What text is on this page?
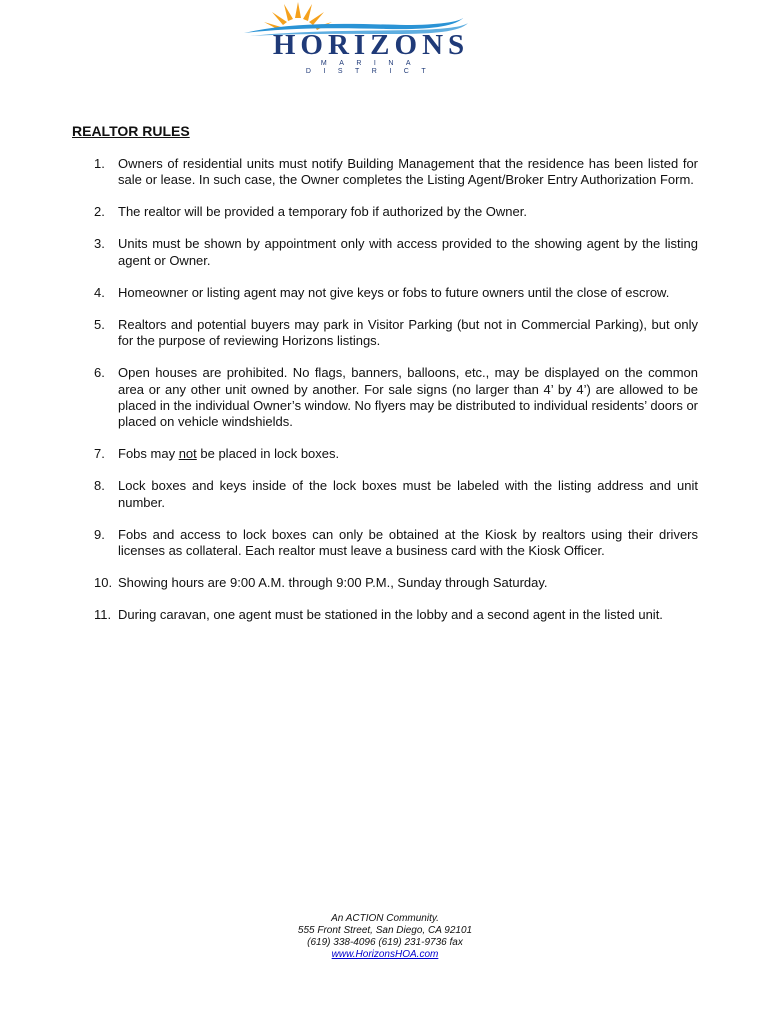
HORIZONS
MARINA DISTRICT
REALTOR RULES
1. Owners of residential units must notify Building Management that the residence has been listed for sale or lease. In such case, the Owner completes the Listing Agent/Broker Entry Authorization Form.
2. The realtor will be provided a temporary fob if authorized by the Owner.
3. Units must be shown by appointment only with access provided to the showing agent by the listing agent or Owner.
4. Homeowner or listing agent may not give keys or fobs to future owners until the close of escrow.
5. Realtors and potential buyers may park in Visitor Parking (but not in Commercial Parking), but only for the purpose of reviewing Horizons listings.
6. Open houses are prohibited. No flags, banners, balloons, etc., may be displayed on the common area or any other unit owned by another. For sale signs (no larger than 4’ by 4’) are allowed to be placed in the individual Owner’s window. No flyers may be distributed to individual residents’ doors or placed on vehicle windshields.
7. Fobs may not be placed in lock boxes.
8. Lock boxes and keys inside of the lock boxes must be labeled with the listing address and unit number.
9. Fobs and access to lock boxes can only be obtained at the Kiosk by realtors using their drivers licenses as collateral. Each realtor must leave a business card with the Kiosk Officer.
10. Showing hours are 9:00 A.M. through 9:00 P.M., Sunday through Saturday.
11. During caravan, one agent must be stationed in the lobby and a second agent in the listed unit.
An ACTION Community.
555 Front Street, San Diego, CA 92101
(619) 338-4096 (619) 231-9736 fax
www.HorizonsHOA.com
